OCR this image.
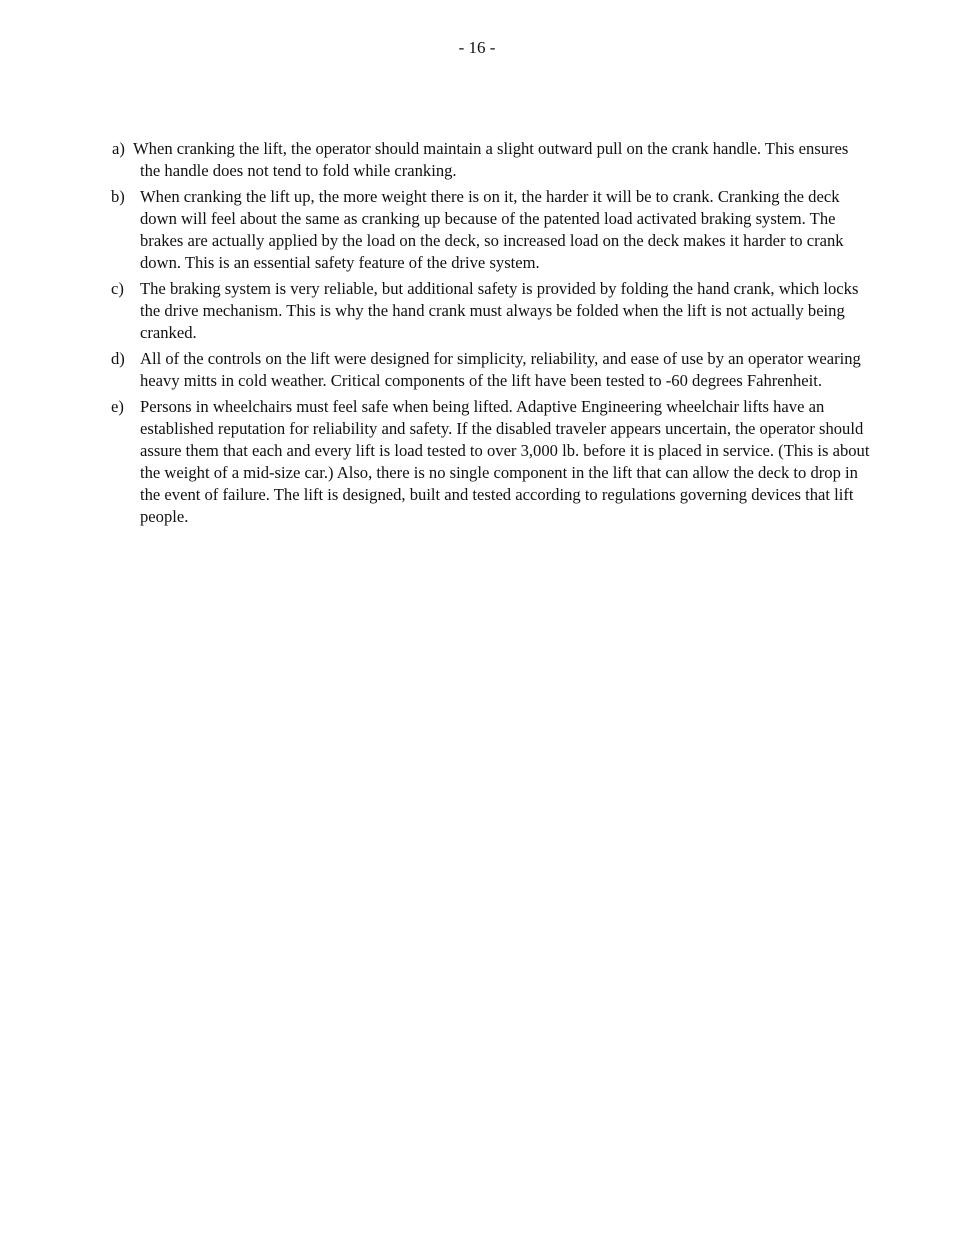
- 16 -
a) When cranking the lift, the operator should maintain a slight outward pull on the crank handle. This ensures the handle does not tend to fold while cranking.
b) When cranking the lift up, the more weight there is on it, the harder it will be to crank. Cranking the deck down will feel about the same as cranking up because of the patented load activated braking system. The brakes are actually applied by the load on the deck, so increased load on the deck makes it harder to crank down. This is an essential safety feature of the drive system.
c) The braking system is very reliable, but additional safety is provided by folding the hand crank, which locks the drive mechanism. This is why the hand crank must always be folded when the lift is not actually being cranked.
d) All of the controls on the lift were designed for simplicity, reliability, and ease of use by an operator wearing heavy mitts in cold weather. Critical components of the lift have been tested to -60 degrees Fahrenheit.
e) Persons in wheelchairs must feel safe when being lifted. Adaptive Engineering wheelchair lifts have an established reputation for reliability and safety. If the disabled traveler appears uncertain, the operator should assure them that each and every lift is load tested to over 3,000 lb. before it is placed in service. (This is about the weight of a mid-size car.) Also, there is no single component in the lift that can allow the deck to drop in the event of failure. The lift is designed, built and tested according to regulations governing devices that lift people.
